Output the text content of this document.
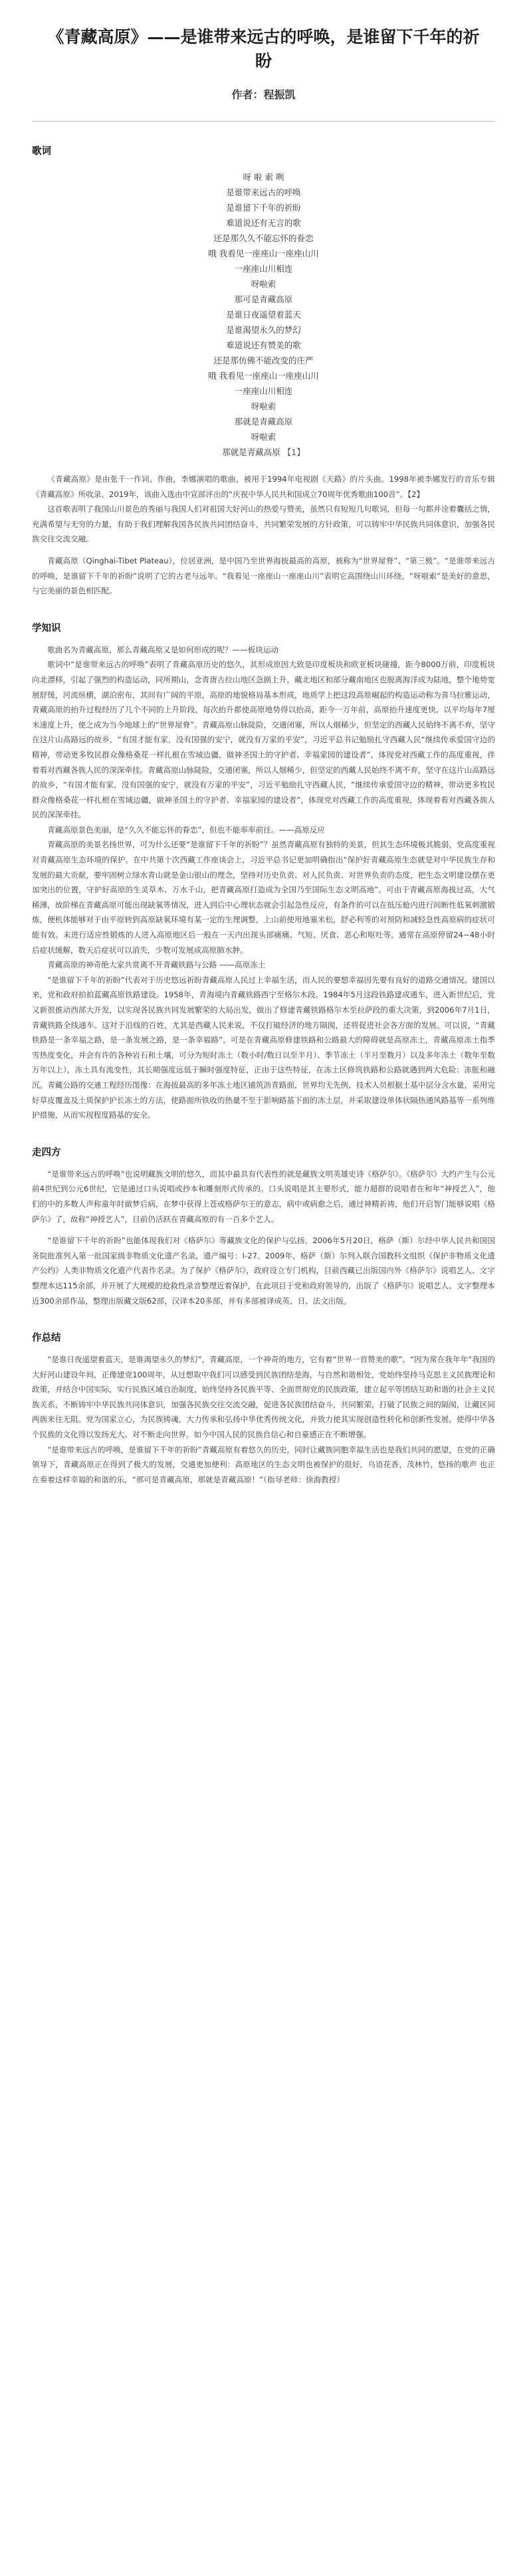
《青藏高原》——是谁带来远古的呼唤，是谁留下千年的祈盼
作者：程振凯
歌词
呀 啦 索 咧
是谁带来远古的呼唤
是谁留下千年的祈盼
难道说还有无言的歌
还是那久久不能忘怀的眷恋
哦 我看见一座座山一座座山川
一座座山川相连
呀啦索
那可是青藏高原
是谁日夜遥望着蓝天
是谁渴望永久的梦幻
难道说还有赞美的歌
还是那仿佛不能改变的庄严
哦 我看见一座座山一座座山川
一座座山川相连
呀啦索
那就是青藏高原
呀啦索
那就是青藏高原 【1】

《青藏高原》是由张千一作词、作曲，李娜演唱的歌曲，被用于1994年电视剧《天路》的片头曲。1998年被李娜发行的音乐专辑《青藏高原》所收录。2019年，该曲入选由中宣部评出的“庆祝中华人民共和国成立70周年优秀歌曲100首”。【2】

这首歌表明了我国山川景色的秀丽与我国人们对祖国大好河山的热爱与赞美，虽然只有短短几句歌词，但每一句都并诠着囊括之情，充满希望与无穷的力量，有助于我们理解我国各民族共同团结奋斗，共同繁荣发展的方针政策，可以铸牢中华民族共同体意识，加强各民族交往交流交融。

青藏高原（Qinghai-Tibet Plateau），位居亚洲，是中国乃至世界海拔最高的高原，被称为“世界屋脊”、“第三极”。“是谁带来远古的呼唤，是谁留下千年的祈盼”说明了它的古老与远年。“我看见一座座山一座座山川”表明它高围绕山川环绕。“呀啦索”是美好的意思，与它美丽的景色相匹配。

学知识

歌曲名为青藏高原，那么青藏高原又是如何形成的呢？——板块运动

歌词中“是谁带来远古的呼唤”表明了青藏高原历史的悠久，其形成原因大致是印度板块和欧亚板块碰撞，距今8000万前，印度板块向北漂移，引起了强烈的构造运动，同所期山，念青唐古拉山地区急剧上升，藏北地区和部分藏南地区也脱离海洋成为陆地，整个地势宽展舒缓，河流纵横，湖泊密布，其间有广阔的平原，高原的地貌格局基本形成，地质学上把这段高原崛起的构造运动称为喜马拉雅运动，青藏高原的抬升过程经历了几个不同的上升阶段，每次抬升都使高原地势得以抬高，距今一万年前，高原抬升速度更快，以平均每年7厘米速度上升，使之成为当今地球上的“世界屋脊”。青藏高原山脉陡险，交通闭塞，所以人烟稀少，但坚定的西藏人民始终不离不弃，坚守在这片山高路远的故乡，“有国才能有家，没有国强的安宁，就没有万家的平安”，习近平总书记勉励扎守西藏人民“继续传承爱国守边的精神，带动更多牧民群众像格桑花一样扎根在雪域边疆，做神圣国土的守护者、幸福家园的建设者”，体现党对西藏工作的高度重视，伴着看对西藏各族人民的深深牵挂。青藏高原山脉陡险，交通闭塞，所以人烟稀少，但坚定的西藏人民始终不离不弃，坚守在这片山高路远的故乡，“有国才能有家，没有国强的安宁，就没有万家的平安”，习近平勉励扎守西藏人民，“继续传承爱国守边的精神，带动更多牧民群众像格桑花一样扎根在雪域边疆，做神圣国土的守护者、幸福家园的建设者”，体现党对西藏工作的高度重视，体现着看对西藏各族人民的深深牵挂。

青藏高原景色美丽，是“久久不能忘怀的眷恋”，但也不能率率前往。——高原反应

青藏高原的美景名扬世界，可为什么还要“是谁留下千年的祈盼”？虽然青藏高原有独特的美景，但其生态环境极其脆弱，党高度重视对青藏高原生态环境的保护。在中共第十次西藏工作座谈会上，习近平总书记更加明确指出“保护好青藏高原生态就是对中华民族生存和发展的最大贡献，要牢固树立绿水青山就是金山银山的理念，坚持对历史负责、对人民负责、对世界负责的态度，把生态文明建设摆在更加突出的位置，守护好高原的生灵草木、万水千山，把青藏高原打造成为全国乃至国际生态文明高地”。可由于青藏高原海拔过高，大气稀薄，故阶梯在青藏高原可能出现缺氧等情况，进入到后中心理状态就会引起急性反应，有条件的可以在低压舱内进行间断性低氧刺激锻炼，便机体能够对于由平原转到高原缺氧环境有某一定的生理调整，上山前使用地塞米松，舒必利等的对预防和减轻急性高原病的症状可能有效。未进行适应性锻炼的人进入高原地区后一般在一天内出现头部痛痛、气短、厌食、恶心和呕吐等。通常在高原停留24~48小时后症状缓解，数天后症状可以消失，少数可发展成高原肺水肿。

青藏高原的神奇绝大家共赏离不开青藏铁路与公路 ——高原冻土

“是谁留下千年的祈盼”代表对于历史悠远祈盼青藏高原人民过上幸福生活，而人民的要想幸福因先要有良好的道路交通情况。建国以来，党和政府拍拍蓝藏高原铁路建设。1958年，青海境内青藏铁路西宁至格尔木段。1984年5月这段铁路建成通车，进入新世纪后，党又新很推动西部大开发，以实现各民族共同发展繁荣的大局出发，做出了修建青藏铁路格尔木至拉萨段的重大决策，到2006年7月1日，青藏铁路全线通车。这对于沿线的百姓，尤其是西藏人民来说，不仅打破经济的地方隔阂，还将促进社会各方面的发展。可以说，“青藏铁路是一条幸福之路，是一条发展之路，是一条幸福路”。可是在青藏高原修建铁路和公路最大的障碍就是高原冻土，青藏高原冻土指季雪热度变化，并会有许的各种岩石和土壤，可分为短时冻土（数小时/数日以至半月）、季节冻土（半月至数月）以及多年冻土（数年至数万年以上），冻土具有流变性，其长期强度远低于瞬时强度特征，正由于这些特征，在冻土区修筑铁路和公路就遇到两大危险：冻胀和融沉。青藏公路的交通工程经历图像：在海拔最高的多年冻土地区铺筑沥青路面，世界均无先例，技术人员根据土基中层分含水量，采用完好草皮覆盖及土质保护护长冻土的方法，使路面所铁收的热量不至于影响路基下面的冻土层，并采取建设单体状隔热通风路基等一系列维护措施，从而实现程度路基的安全。

走四方

“是谁带来远古的呼唤”也说明藏族文明的悠久，而其中最具有代表性的就是藏族文明英雄史诗《格萨尔》。《格萨尔》大约产生与公元前4世纪到公元6世纪，它是通过口头说唱或抄本和雕刻形式传承的。口头说唱是其主要形式，能力超群的说唱者在和年“神授艺人”，他们的中的多数人声称童年时做梦后病，在梦中获得上苍或格萨尔王的意志，病中或病愈之后，通过神精祈祷，他们开启智门能够说唱《格萨尔》了，故称“神授艺人”，目前仍活跃在青藏高原的有一百多个艺人。

“是谁留下千年的祈盼”也能体现我们对《格萨尔》等藏族文化的保护与弘扬。2006年5月20日，格萨（斯）尔经中华人民共和国国务院批准列入第一批国家级非物质文化遗产名录，遗产编号：Ⅰ-27。2009年，格萨（斯）尔列入联合国教科文组织《保护非物质文化遗产公约》人类非物质文化遗产代表作名录。为了保护《格萨尔》，政府设立专门机构，目前西藏已出版国内外《格萨尔》说唱艺人、文字整理本达115余部，并开展了大规模的抢救性录音整理近着保护，在此项目于党和政府领导的，出版了《格萨尔》说唱艺人、文字整理本近300余部作品，整理出版藏文版62部，汉译本20多部，并有多部被译成英、日、法文出版。

作总结

“是谁日夜遥望着蓝天，是谁渴望永久的梦幻”，青藏高原，一个神奇的地方，它有着“世界一首赞美的歌”。“因为常在我年年“我国的大好河山建设年间，正像建党100周年，从过想取中我们可以感受到民族团结是海，与自然和谐相处，党始终坚持马克思主义民族理论和政策，并结合中国实际，实行民族区域自治制度，始终坚持各民族平等、全面贯彻党的民族政策，建立起平等团结互助和谐的社会主义民族关系，不断铸牢中华民族共同体意识，加强各民族交往交流交融，促进各民族团结奋斗，共同繁荣，打破了民族之间的隔阂，让藏区同两族来往无阻。党为国家立心，为民族铸魂，大力传承和弘扬中华优秀传统文化，并致力使其实现创造性转化和创新性发展，使得中华各个民族的文化得以发扬光大。对不断走向世界。如今中国人民的民族自信心和自豪感正在不断增强。

“是谁带来远古的呼唤，是谁留下千年的祈盼”青藏高原有着悠久的历史，同时让藏族同胞幸福生活也是我们共同的愿望，在党的正确领导下，青藏高原正在得到了极大的发展，交通更加便利：高原地区的生态文明也被保护的很好，乌语花香，茂林竹，悠扬的歌声 也正在奏着这样幸福的和谐的乐，“那可是青藏高原，那就是青藏高原！”（指导老师：徐海教授）
